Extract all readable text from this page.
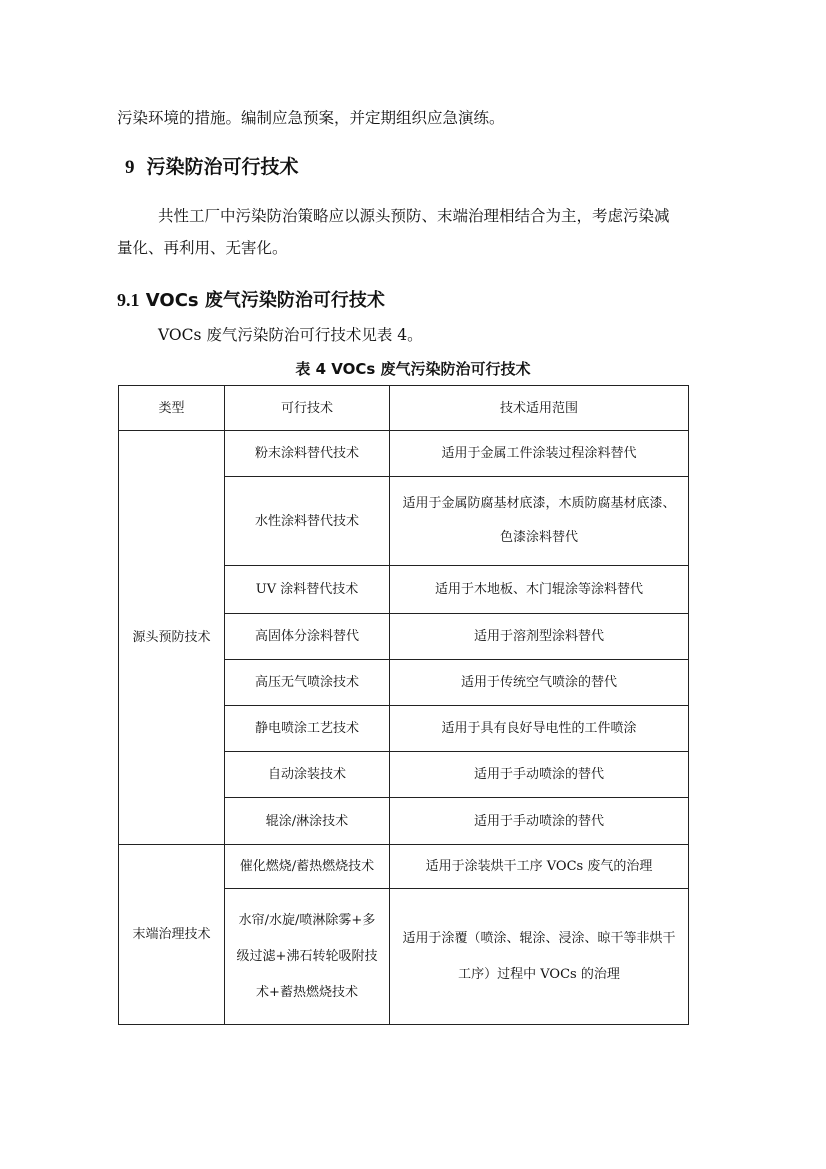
污染环境的措施。编制应急预案，并定期组织应急演练。
9 污染防治可行技术
共性工厂中污染防治策略应以源头预防、末端治理相结合为主，考虑污染减
量化、再利用、无害化。
9.1 VOCs 废气污染防治可行技术
VOCs 废气污染防治可行技术见表 4。
表 4 VOCs 废气污染防治可行技术
类型	可行技术	技术适用范围
源头预防技术	粉末涂料替代技术	适用于金属工件涂装过程涂料替代
	水性涂料替代技术	适用于金属防腐基材底漆，木质防腐基材底漆、色漆涂料替代
	UV 涂料替代技术	适用于木地板、木门辊涂等涂料替代
	高固体分涂料替代	适用于溶剂型涂料替代
	高压无气喷涂技术	适用于传统空气喷涂的替代
	静电喷涂工艺技术	适用于具有良好导电性的工件喷涂
	自动涂装技术	适用于手动喷涂的替代
	辊涂/淋涂技术	适用于手动喷涂的替代
末端治理技术	催化燃烧/蓄热燃烧技术	适用于涂装烘干工序 VOCs 废气的治理
	水帘/水旋/喷淋除雾+多级过滤+沸石转轮吸附技术+蓄热燃烧技术	适用于涂覆（喷涂、辊涂、浸涂、晾干等非烘干工序）过程中 VOCs 的治理
